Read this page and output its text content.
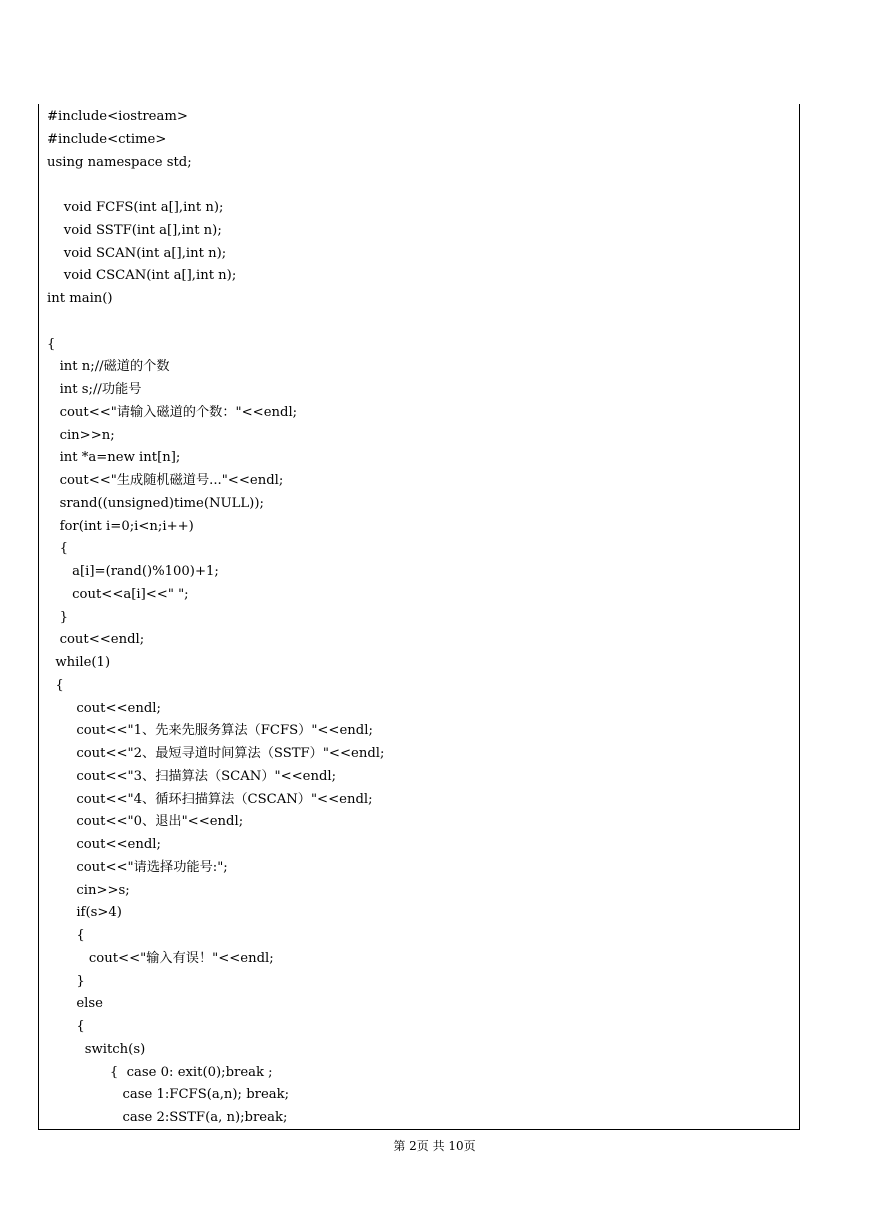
#include<iostream>
#include<ctime>
using namespace std;
void FCFS(int a[],int n);
void SSTF(int a[],int n);
void SCAN(int a[],int n);
void CSCAN(int a[],int n);
int main()
{
int n;//磁道的个数
int s;//功能号
cout<<"请输入磁道的个数："<<endl;
cin>>n;
int *a=new int[n];
cout<<"生成随机磁道号..."<<endl;
srand((unsigned)time(NULL));
for(int i=0;i<n;i++)
{
a[i]=(rand()%100)+1;
cout<<a[i]<<" ";
}
cout<<endl;
while(1)
{
cout<<endl;
cout<<"1、先来先服务算法（FCFS）"<<endl;
cout<<"2、最短寻道时间算法（SSTF）"<<endl;
cout<<"3、扫描算法（SCAN）"<<endl;
cout<<"4、循环扫描算法（CSCAN）"<<endl;
cout<<"0、退出"<<endl;
cout<<endl;
cout<<"请选择功能号:";
cin>>s;
if(s>4)
{
cout<<"输入有误！"<<endl;
}
else
{
switch(s)
{  case 0: exit(0);break ;
case 1:FCFS(a,n); break;
case 2:SSTF(a, n);break;
第 2页 共 10页
